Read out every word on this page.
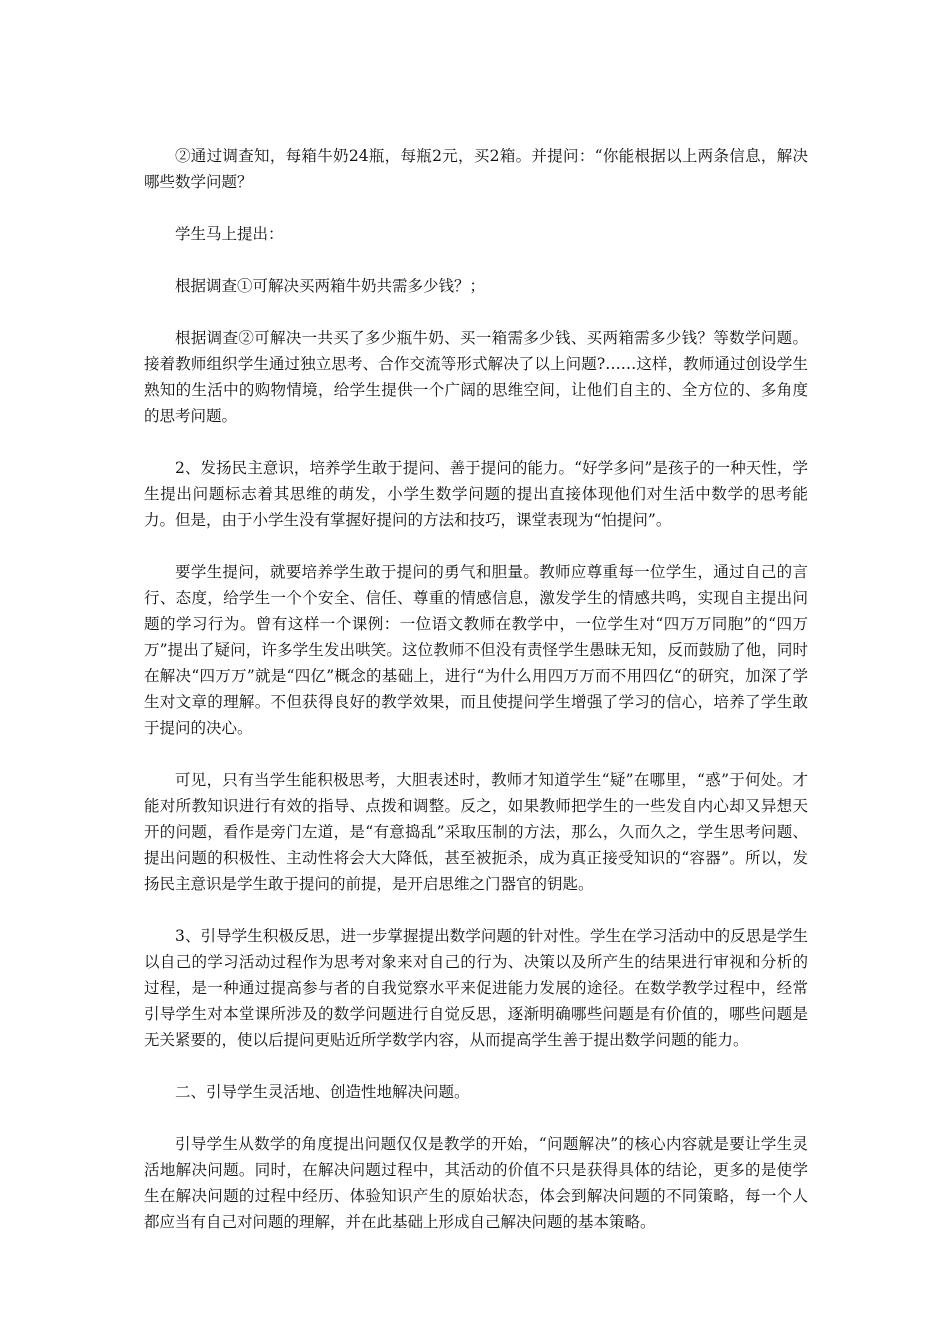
②通过调查知，每箱牛奶24瓶，每瓶2元，买2箱。并提问：“你能根据以上两条信息，解决哪些数学问题？

学生马上提出：

根据调查①可解决买两箱牛奶共需多少钱？；

根据调查②可解决一共买了多少瓶牛奶、买一箱需多少钱、买两箱需多少钱？等数学问题。接着教师组织学生通过独立思考、合作交流等形式解决了以上问题?……这样，教师通过创设学生熟知的生活中的购物情境，给学生提供一个广阔的思维空间，让他们自主的、全方位的、多角度的思考问题。

2、发扬民主意识，培养学生敢于提问、善于提问的能力。“好学多问”是孩子的一种天性，学生提出问题标志着其思维的萌发，小学生数学问题的提出直接体现他们对生活中数学的思考能力。但是，由于小学生没有掌握好提问的方法和技巧，课堂表现为“怕提问”。

要学生提问，就要培养学生敢于提问的勇气和胆量。教师应尊重每一位学生，通过自己的言行、态度，给学生一个个安全、信任、尊重的情感信息，激发学生的情感共鸣，实现自主提出问题的学习行为。曾有这样一个课例：一位语文教师在教学中，一位学生对“四万万同胞”的“四万万”提出了疑问，许多学生发出哄笑。这位教师不但没有责怪学生愚昧无知，反而鼓励了他，同时在解决“四万万”就是“四亿”概念的基础上，进行“为什么用四万万而不用四亿“的研究，加深了学生对文章的理解。不但获得良好的教学效果，而且使提问学生增强了学习的信心，培养了学生敢于提问的决心。

可见，只有当学生能积极思考，大胆表述时，教师才知道学生“疑”在哪里，“惑”于何处。才能对所教知识进行有效的指导、点拨和调整。反之，如果教师把学生的一些发自内心却又异想天开的问题，看作是旁门左道，是“有意捣乱”采取压制的方法，那么，久而久之，学生思考问题、提出问题的积极性、主动性将会大大降低，甚至被扼杀，成为真正接受知识的“容器”。所以，发扬民主意识是学生敢于提问的前提，是开启思维之门器官的钥匙。

3、引导学生积极反思，进一步掌握提出数学问题的针对性。学生在学习活动中的反思是学生以自己的学习活动过程作为思考对象来对自己的行为、决策以及所产生的结果进行审视和分析的过程，是一种通过提高参与者的自我觉察水平来促进能力发展的途径。在数学教学过程中，经常引导学生对本堂课所涉及的数学问题进行自觉反思，逐渐明确哪些问题是有价值的，哪些问题是无关紧要的，使以后提问更贴近所学数学内容，从而提高学生善于提出数学问题的能力。

二、引导学生灵活地、创造性地解决问题。

引导学生从数学的角度提出问题仅仅是教学的开始，“问题解决”的核心内容就是要让学生灵活地解决问题。同时，在解决问题过程中，其活动的价值不只是获得具体的结论，更多的是使学生在解决问题的过程中经历、体验知识产生的原始状态，体会到解决问题的不同策略，每一个人都应当有自己对问题的理解，并在此基础上形成自己解决问题的基本策略。
